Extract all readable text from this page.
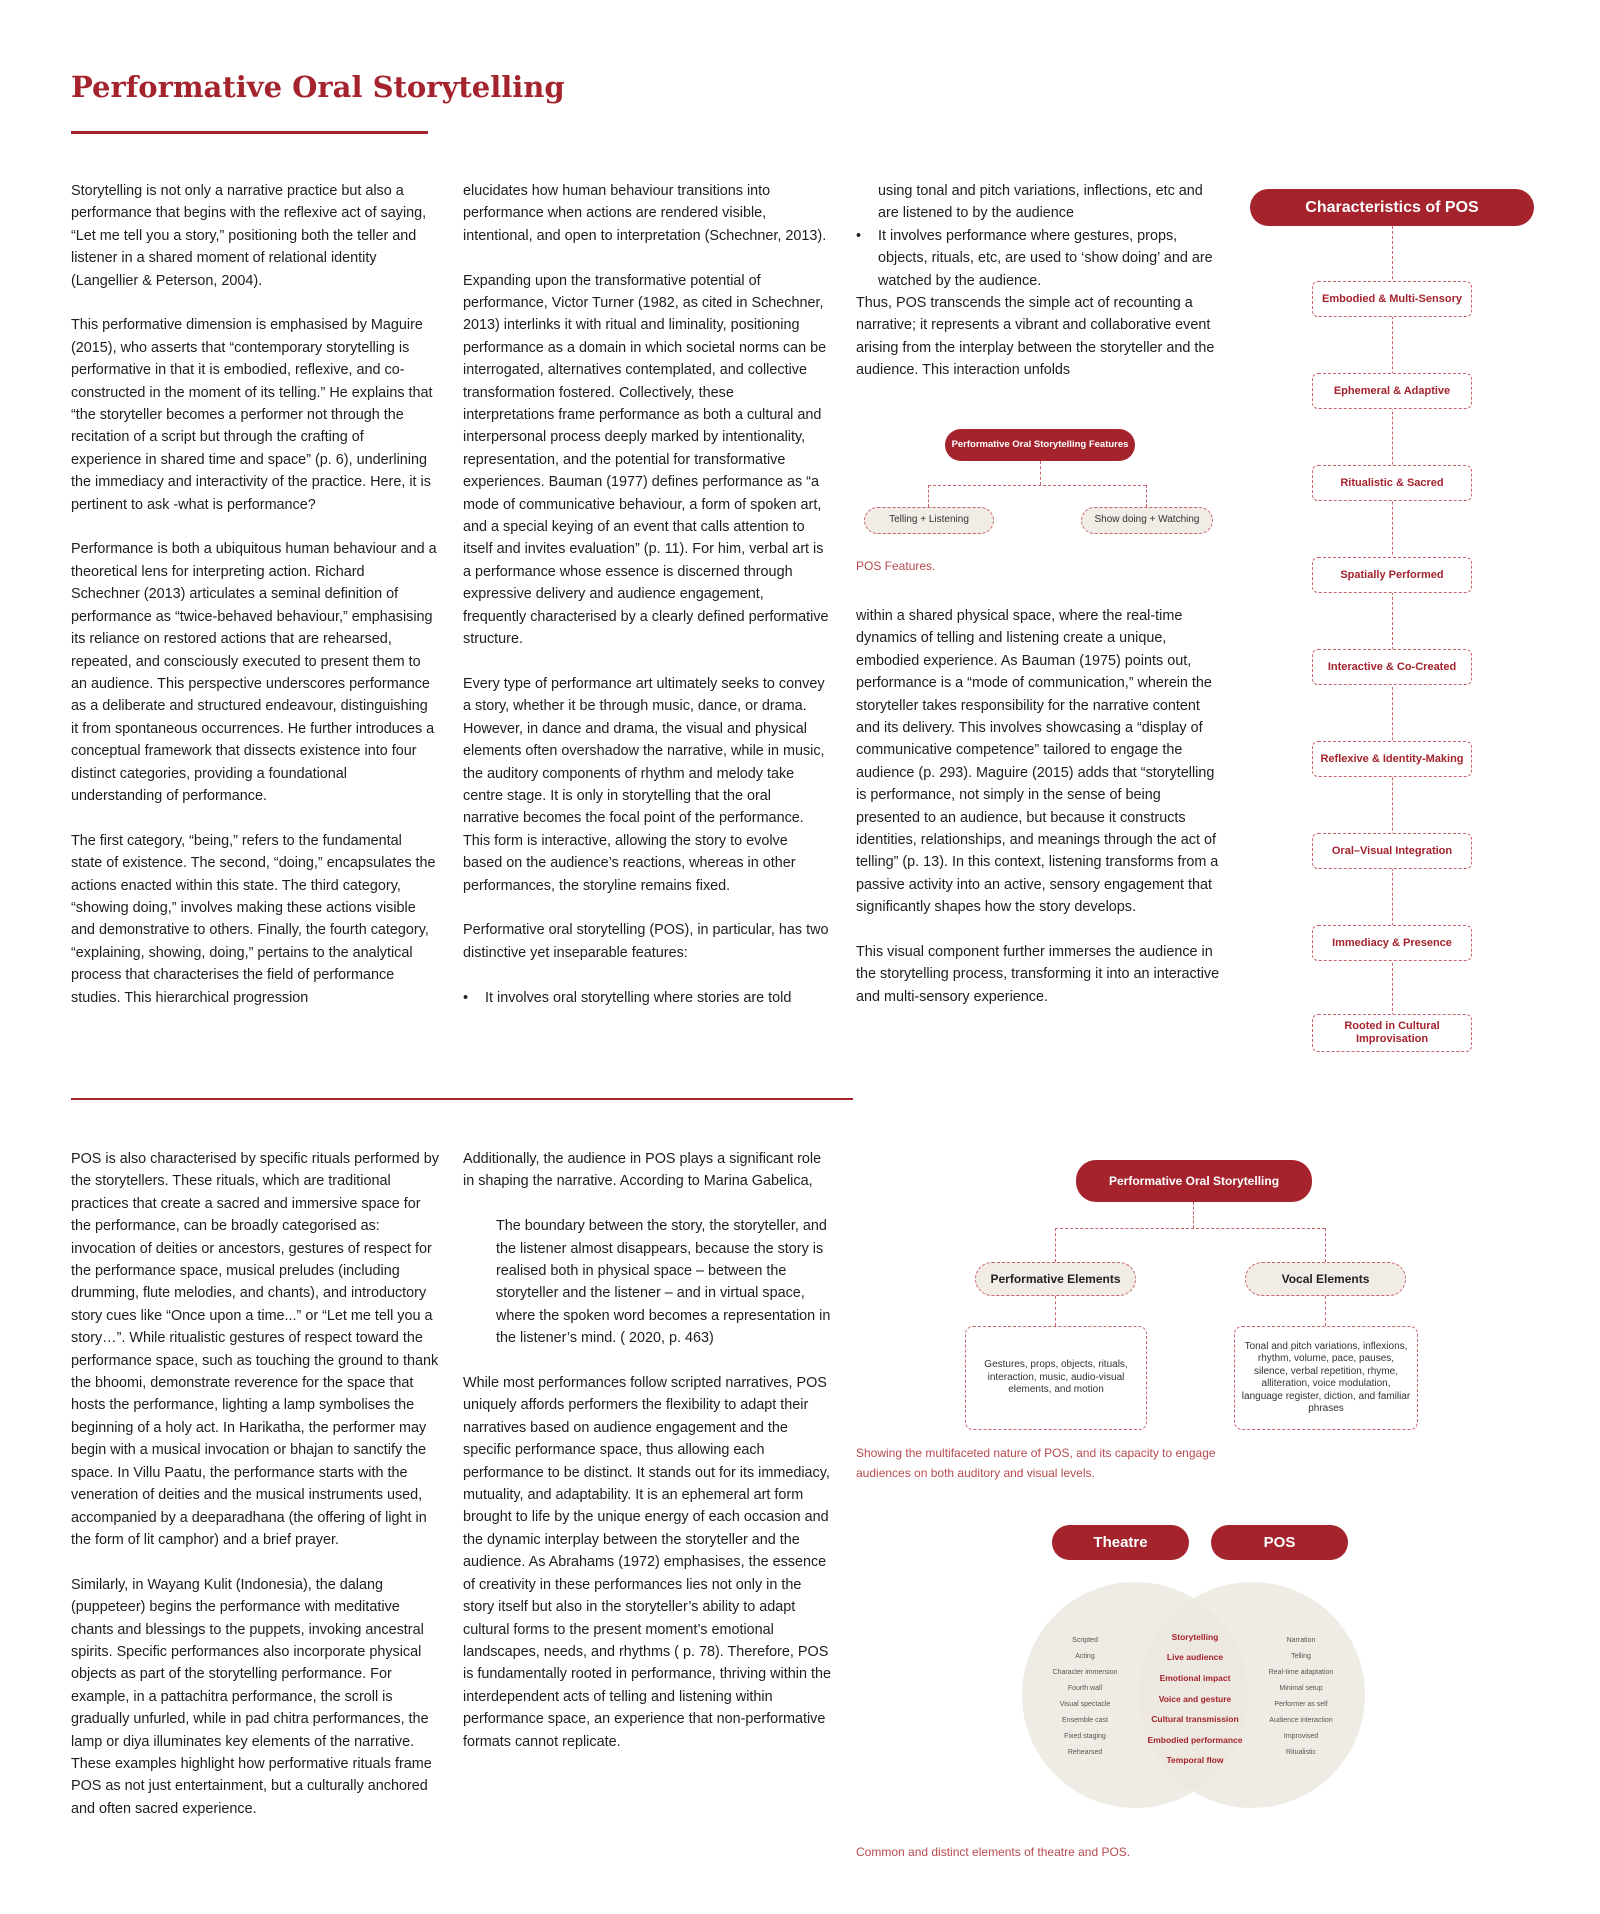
Performative Oral Storytelling

Storytelling is not only a narrative practice but also a performance that begins with the reflexive act of saying, “Let me tell you a story,” positioning both the teller and listener in a shared moment of relational identity (Langellier & Peterson, 2004).

This performative dimension is emphasised by Maguire (2015), who asserts that “contemporary storytelling is performative in that it is embodied, reflexive, and co-constructed in the moment of its telling.” He explains that “the storyteller becomes a performer not through the recitation of a script but through the crafting of experience in shared time and space” (p. 6), underlining the immediacy and interactivity of the practice. Here, it is pertinent to ask -what is performance?

Performance is both a ubiquitous human behaviour and a theoretical lens for interpreting action. Richard Schechner (2013) articulates a seminal definition of performance as “twice-behaved behaviour,” emphasising its reliance on restored actions that are rehearsed, repeated, and consciously executed to present them to an audience. This perspective underscores performance as a deliberate and structured endeavour, distinguishing it from spontaneous occurrences. He further introduces a conceptual framework that dissects existence into four distinct categories, providing a foundational understanding of performance.

The first category, “being,” refers to the fundamental state of existence. The second, “doing,” encapsulates the actions enacted within this state. The third category, “showing doing,” involves making these actions visible and demonstrative to others. Finally, the fourth category, “explaining, showing, doing,” pertains to the analytical process that characterises the field of performance studies. This hierarchical progression

elucidates how human behaviour transitions into performance when actions are rendered visible, intentional, and open to interpretation (Schechner, 2013).

Expanding upon the transformative potential of performance, Victor Turner (1982, as cited in Schechner, 2013) interlinks it with ritual and liminality, positioning performance as a domain in which societal norms can be interrogated, alternatives contemplated, and collective transformation fostered. Collectively, these interpretations frame performance as both a cultural and interpersonal process deeply marked by intentionality, representation, and the potential for transformative experiences. Bauman (1977) defines performance as “a mode of communicative behaviour, a form of spoken art, and a special keying of an event that calls attention to itself and invites evaluation” (p. 11). For him, verbal art is a performance whose essence is discerned through expressive delivery and audience engagement, frequently characterised by a clearly defined performative structure.

Every type of performance art ultimately seeks to convey a story, whether it be through music, dance, or drama. However, in dance and drama, the visual and physical elements often overshadow the narrative, while in music, the auditory components of rhythm and melody take centre stage. It is only in storytelling that the oral narrative becomes the focal point of the performance. This form is interactive, allowing the story to evolve based on the audience’s reactions, whereas in other performances, the storyline remains fixed.

Performative oral storytelling (POS), in particular, has two distinctive yet inseparable features:

• It involves oral storytelling where stories are told

using tonal and pitch variations, inflections, etc and are listened to by the audience

• It involves performance where gestures, props, objects, rituals, etc, are used to ‘show doing’ and are watched by the audience.

Thus, POS transcends the simple act of recounting a narrative; it represents a vibrant and collaborative event arising from the interplay between the storyteller and the audience. This interaction unfolds

Performative Oral Storytelling Features
Telling + Listening	Show doing + Watching
POS Features.

within a shared physical space, where the real-time dynamics of telling and listening create a unique, embodied experience. As Bauman (1975) points out, performance is a “mode of communication,” wherein the storyteller takes responsibility for the narrative content and its delivery. This involves showcasing a “display of communicative competence” tailored to engage the audience (p. 293). Maguire (2015) adds that “storytelling is performance, not simply in the sense of being presented to an audience, but because it constructs identities, relationships, and meanings through the act of telling” (p. 13). In this context, listening transforms from a passive activity into an active, sensory engagement that significantly shapes how the story develops.

This visual component further immerses the audience in the storytelling process, transforming it into an interactive and multi-sensory experience.

Characteristics of POS
Embodied & Multi-Sensory
Ephemeral & Adaptive
Ritualistic & Sacred
Spatially Performed
Interactive & Co-Created
Reflexive & Identity-Making
Oral–Visual Integration
Immediacy & Presence
Rooted in Cultural Improvisation

POS is also characterised by specific rituals performed by the storytellers. These rituals, which are traditional practices that create a sacred and immersive space for the performance, can be broadly categorised as: invocation of deities or ancestors, gestures of respect for the performance space, musical preludes (including drumming, flute melodies, and chants), and introductory story cues like “Once upon a time...” or “Let me tell you a story…”. While ritualistic gestures of respect toward the performance space, such as touching the ground to thank the bhoomi, demonstrate reverence for the space that hosts the performance, lighting a lamp symbolises the beginning of a holy act. In Harikatha, the performer may begin with a musical invocation or bhajan to sanctify the space. In Villu Paatu, the performance starts with the veneration of deities and the musical instruments used, accompanied by a deeparadhana (the offering of light in the form of lit camphor) and a brief prayer.

Similarly, in Wayang Kulit (Indonesia), the dalang (puppeteer) begins the performance with meditative chants and blessings to the puppets, invoking ancestral spirits. Specific performances also incorporate physical objects as part of the storytelling performance. For example, in a pattachitra performance, the scroll is gradually unfurled, while in pad chitra performances, the lamp or diya illuminates key elements of the narrative. These examples highlight how performative rituals frame POS as not just entertainment, but a culturally anchored and often sacred experience.

Additionally, the audience in POS plays a significant role in shaping the narrative. According to Marina Gabelica,

The boundary between the story, the storyteller, and the listener almost disappears, because the story is realised both in physical space – between the storyteller and the listener – and in virtual space, where the spoken word becomes a representation in the listener’s mind. ( 2020, p. 463)

While most performances follow scripted narratives, POS uniquely affords performers the flexibility to adapt their narratives based on audience engagement and the specific performance space, thus allowing each performance to be distinct. It stands out for its immediacy, mutuality, and adaptability. It is an ephemeral art form brought to life by the unique energy of each occasion and the dynamic interplay between the storyteller and the audience. As Abrahams (1972) emphasises, the essence of creativity in these performances lies not only in the story itself but also in the storyteller’s ability to adapt cultural forms to the present moment’s emotional landscapes, needs, and rhythms ( p. 78). Therefore, POS is fundamentally rooted in performance, thriving within the interdependent acts of telling and listening within performance space, an experience that non-performative formats cannot replicate.

Performative Oral Storytelling
Performative Elements	Vocal Elements
Gestures, props, objects, rituals, interaction, music, audio-visual elements, and motion
Tonal and pitch variations, inflexions, rhythm, volume, pace, pauses, silence, verbal repetition, rhyme, alliteration, voice modulation, language register, diction, and familiar phrases
Showing the multifaceted nature of POS, and its capacity to engage audiences on both auditory and visual levels.
Theatre	POS
Scripted
Acting
Character immersion
Fourth wall
Visual spectacle
Ensemble cast
Fixed staging
Rehearsed
Storytelling
Live audience
Emotional impact
Voice and gesture
Cultural transmission
Embodied performance
Temporal flow
Narration
Telling
Real-time adaptation
Minimal setup
Performer as self
Audience interaction
Improvised
Ritualistic
Common and distinct elements of theatre and POS.
